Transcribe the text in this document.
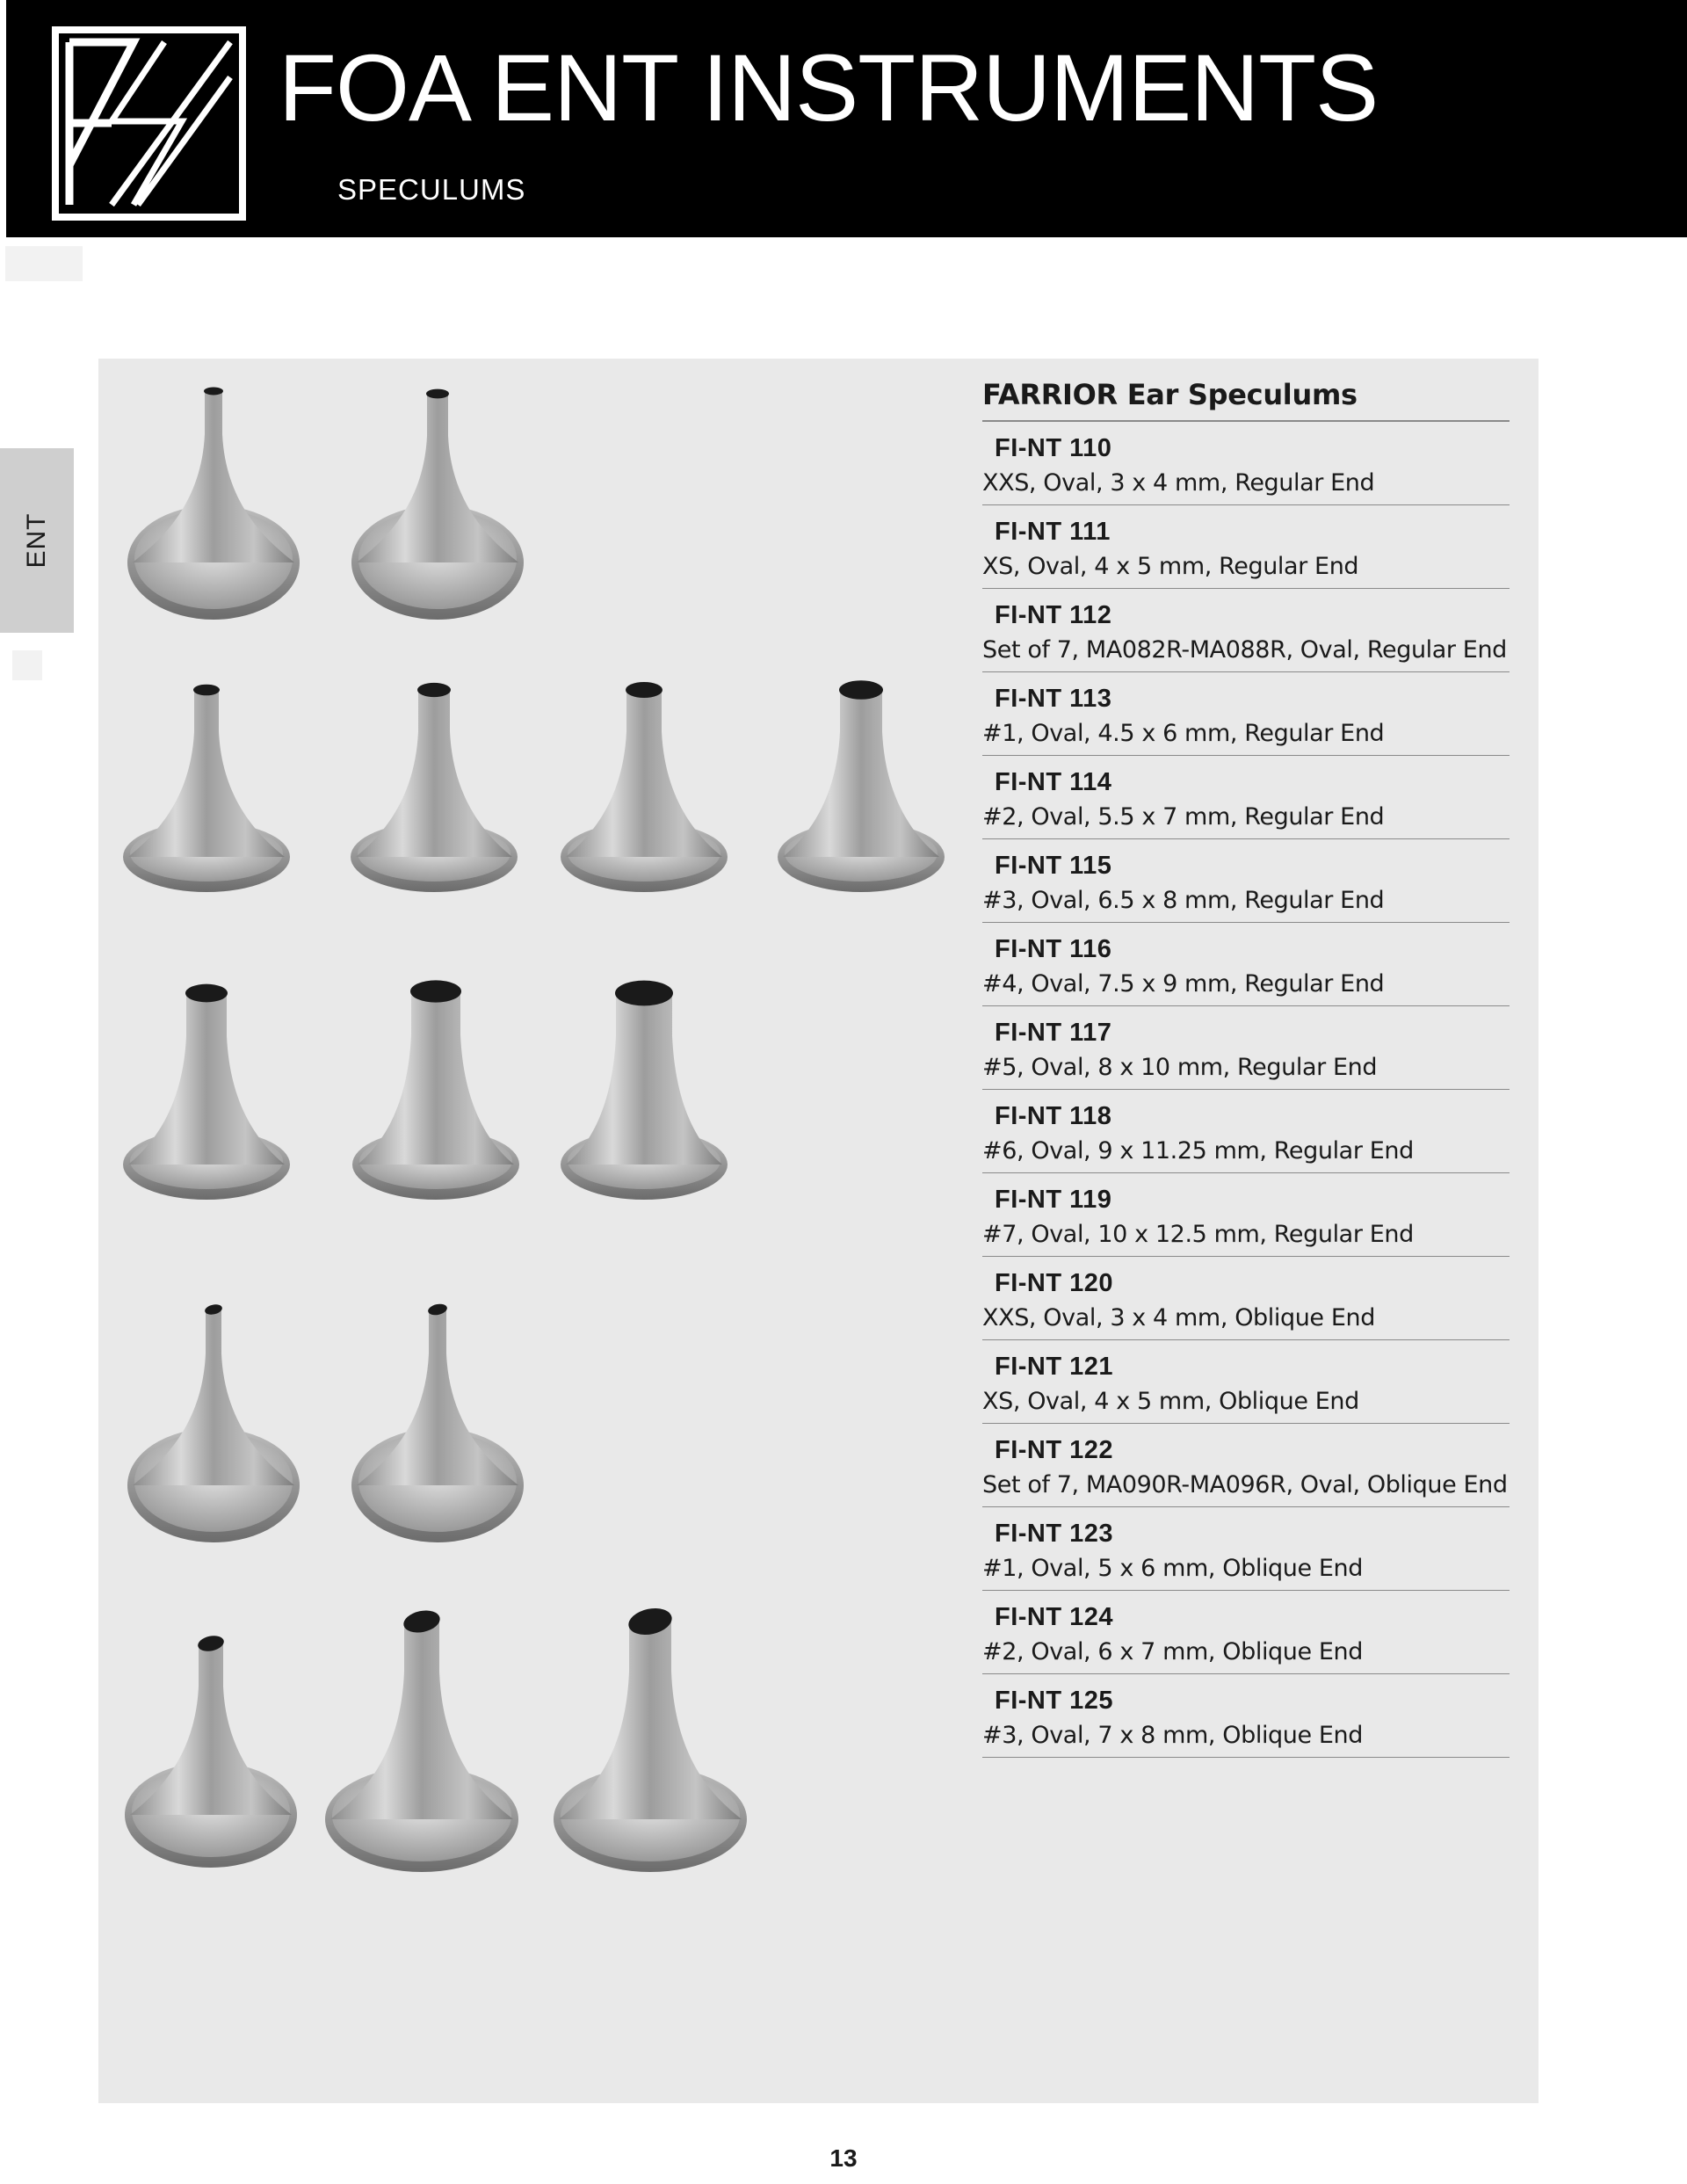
FOA ENT INSTRUMENTS
SPECULUMS
ENT
FARRIOR Ear Speculums
FI-NT 110
XXS, Oval, 3 x 4 mm, Regular End
FI-NT 111
XS, Oval, 4 x 5 mm, Regular End
FI-NT 112
Set of 7, MA082R-MA088R, Oval, Regular End
FI-NT 113
#1, Oval, 4.5 x 6 mm, Regular End
FI-NT 114
#2, Oval, 5.5 x 7 mm, Regular End
FI-NT 115
#3, Oval, 6.5 x 8 mm, Regular End
FI-NT 116
#4, Oval, 7.5 x 9 mm, Regular End
FI-NT 117
#5, Oval, 8 x 10 mm, Regular End
FI-NT 118
#6, Oval, 9 x 11.25 mm, Regular End
FI-NT 119
#7, Oval, 10 x 12.5 mm, Regular End
FI-NT 120
XXS, Oval, 3 x 4 mm, Oblique End
FI-NT 121
XS, Oval, 4 x 5 mm, Oblique End
FI-NT 122
Set of 7, MA090R-MA096R, Oval, Oblique End
FI-NT 123
#1, Oval, 5 x 6 mm, Oblique End
FI-NT 124
#2, Oval, 6 x 7 mm, Oblique End
FI-NT 125
#3, Oval, 7 x 8 mm, Oblique End
13
